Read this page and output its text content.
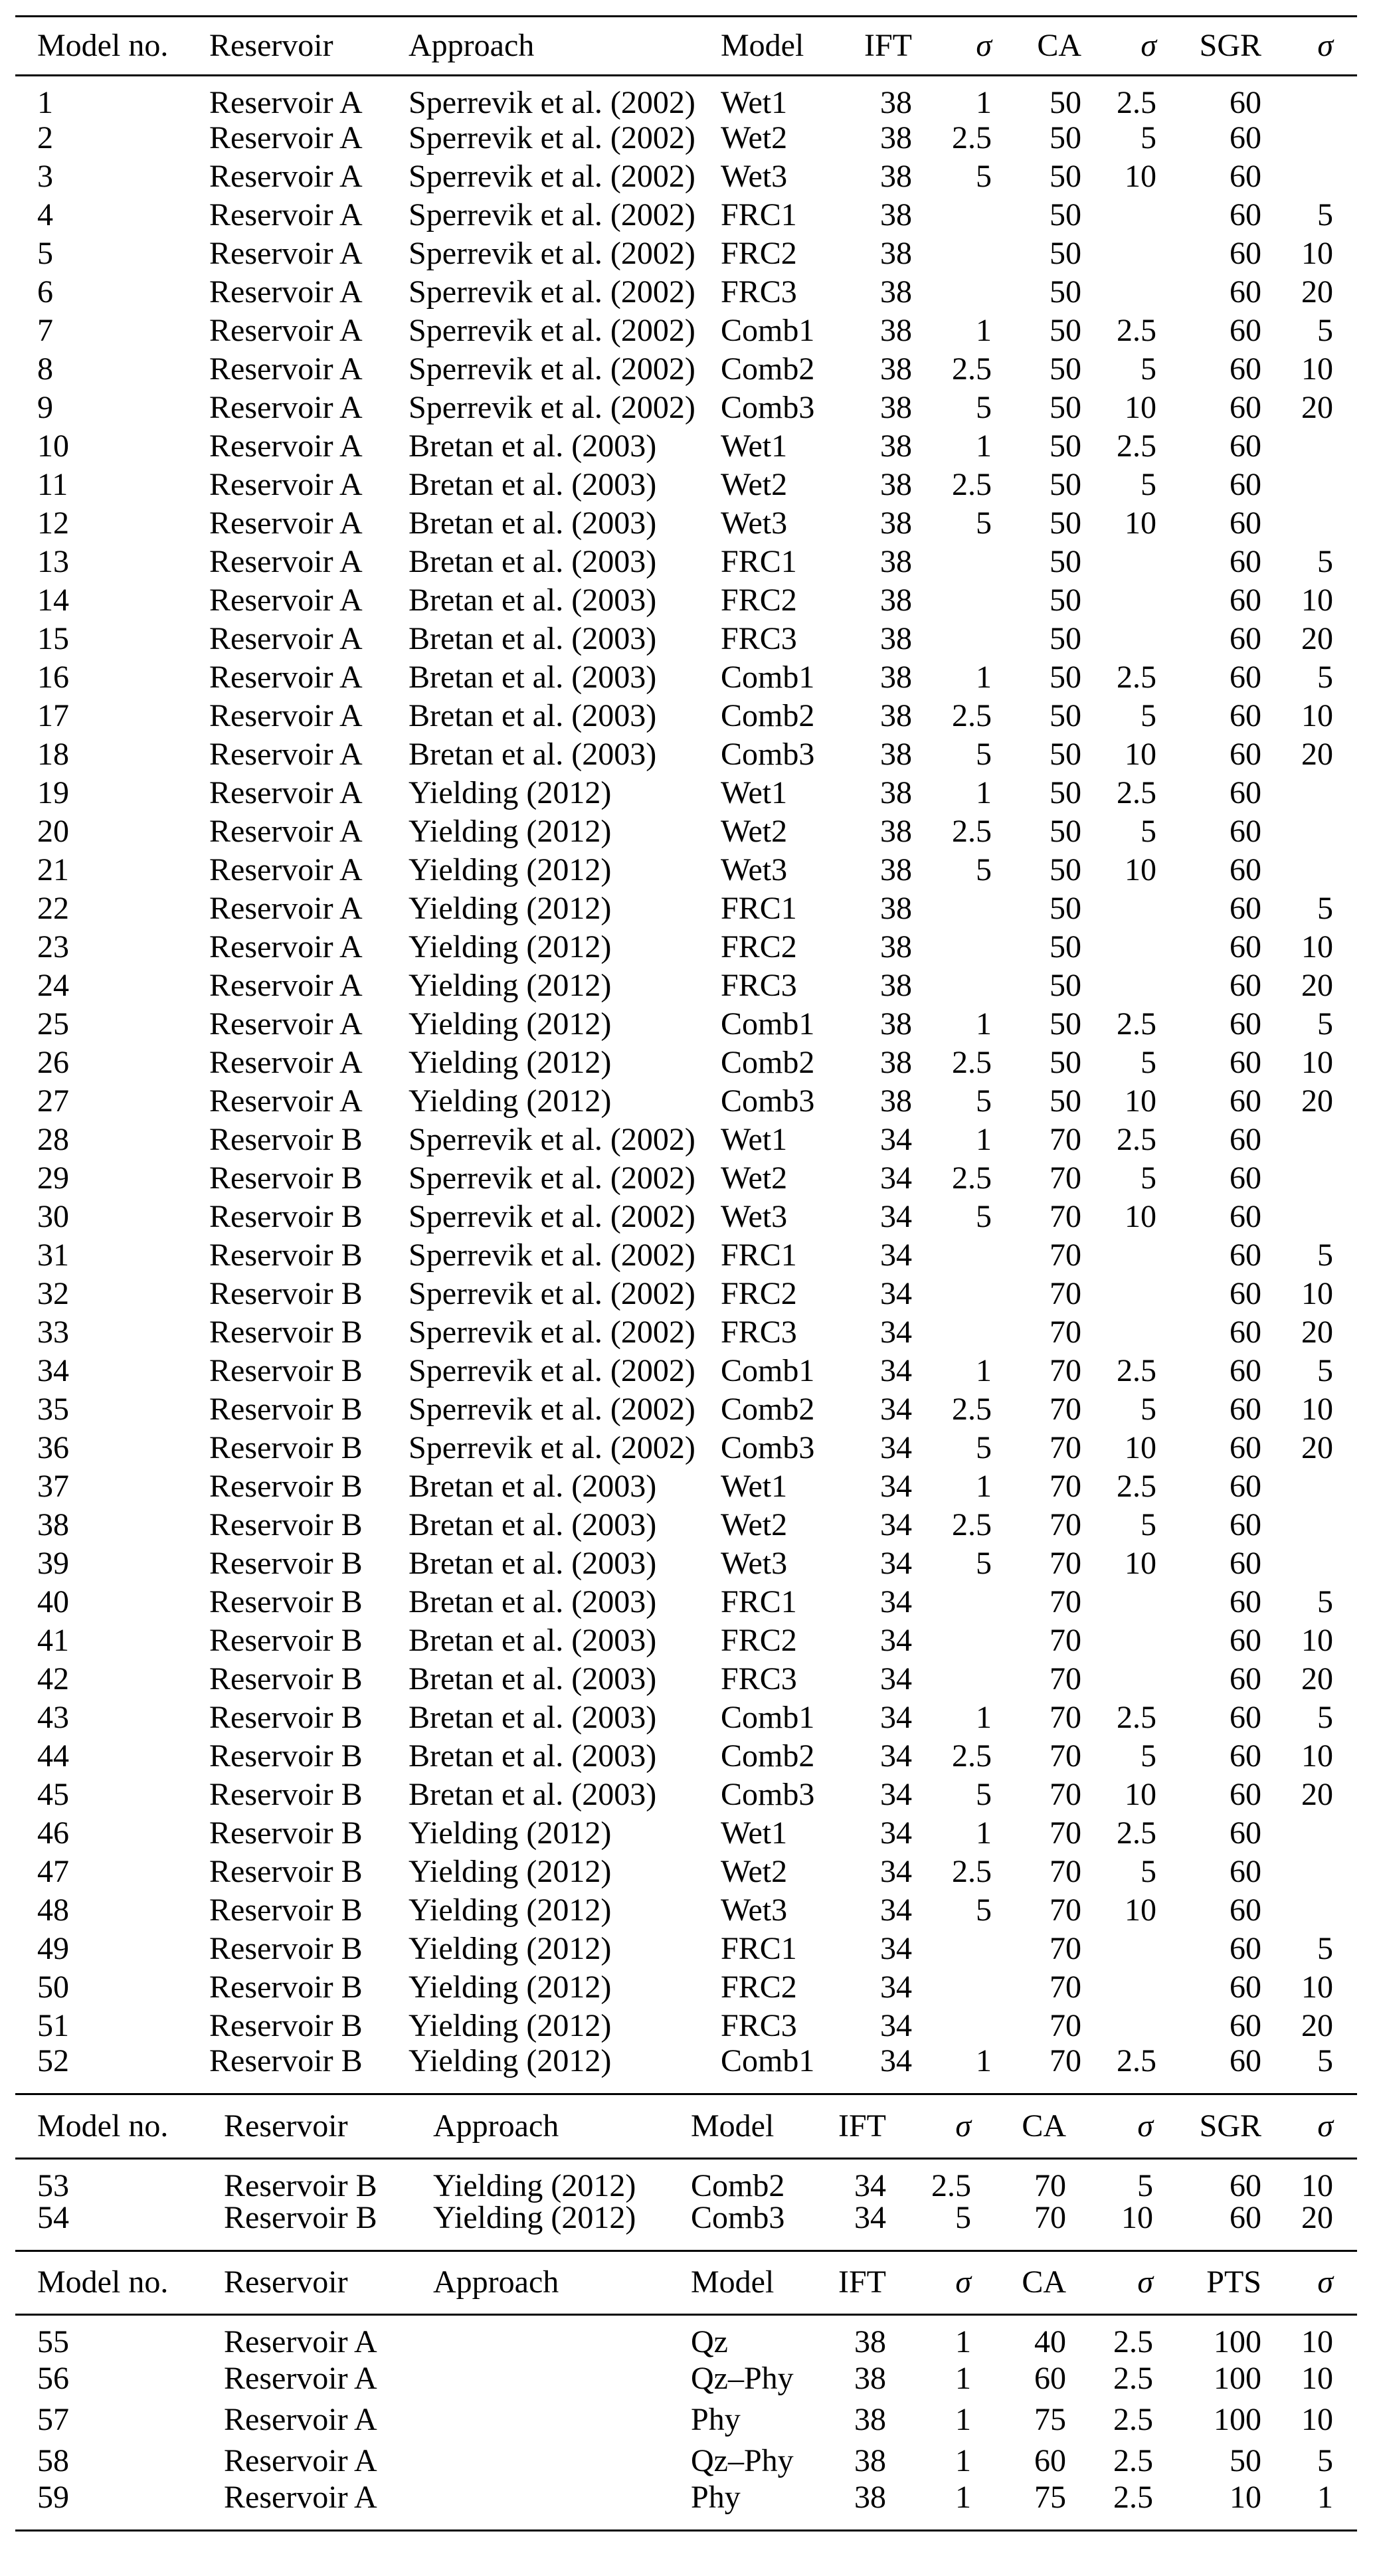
Model no.	Reservoir	Approach	Model	IFT	σ	CA	σ	SGR	σ
1	Reservoir A	Sperrevik et al. (2002)	Wet1	38	1	50	2.5	60	
2	Reservoir A	Sperrevik et al. (2002)	Wet2	38	2.5	50	5	60	
3	Reservoir A	Sperrevik et al. (2002)	Wet3	38	5	50	10	60	
4	Reservoir A	Sperrevik et al. (2002)	FRC1	38		50		60	5
5	Reservoir A	Sperrevik et al. (2002)	FRC2	38		50		60	10
6	Reservoir A	Sperrevik et al. (2002)	FRC3	38		50		60	20
7	Reservoir A	Sperrevik et al. (2002)	Comb1	38	1	50	2.5	60	5
8	Reservoir A	Sperrevik et al. (2002)	Comb2	38	2.5	50	5	60	10
9	Reservoir A	Sperrevik et al. (2002)	Comb3	38	5	50	10	60	20
10	Reservoir A	Bretan et al. (2003)	Wet1	38	1	50	2.5	60	
11	Reservoir A	Bretan et al. (2003)	Wet2	38	2.5	50	5	60	
12	Reservoir A	Bretan et al. (2003)	Wet3	38	5	50	10	60	
13	Reservoir A	Bretan et al. (2003)	FRC1	38		50		60	5
14	Reservoir A	Bretan et al. (2003)	FRC2	38		50		60	10
15	Reservoir A	Bretan et al. (2003)	FRC3	38		50		60	20
16	Reservoir A	Bretan et al. (2003)	Comb1	38	1	50	2.5	60	5
17	Reservoir A	Bretan et al. (2003)	Comb2	38	2.5	50	5	60	10
18	Reservoir A	Bretan et al. (2003)	Comb3	38	5	50	10	60	20
19	Reservoir A	Yielding (2012)	Wet1	38	1	50	2.5	60	
20	Reservoir A	Yielding (2012)	Wet2	38	2.5	50	5	60	
21	Reservoir A	Yielding (2012)	Wet3	38	5	50	10	60	
22	Reservoir A	Yielding (2012)	FRC1	38		50		60	5
23	Reservoir A	Yielding (2012)	FRC2	38		50		60	10
24	Reservoir A	Yielding (2012)	FRC3	38		50		60	20
25	Reservoir A	Yielding (2012)	Comb1	38	1	50	2.5	60	5
26	Reservoir A	Yielding (2012)	Comb2	38	2.5	50	5	60	10
27	Reservoir A	Yielding (2012)	Comb3	38	5	50	10	60	20
28	Reservoir B	Sperrevik et al. (2002)	Wet1	34	1	70	2.5	60	
29	Reservoir B	Sperrevik et al. (2002)	Wet2	34	2.5	70	5	60	
30	Reservoir B	Sperrevik et al. (2002)	Wet3	34	5	70	10	60	
31	Reservoir B	Sperrevik et al. (2002)	FRC1	34		70		60	5
32	Reservoir B	Sperrevik et al. (2002)	FRC2	34		70		60	10
33	Reservoir B	Sperrevik et al. (2002)	FRC3	34		70		60	20
34	Reservoir B	Sperrevik et al. (2002)	Comb1	34	1	70	2.5	60	5
35	Reservoir B	Sperrevik et al. (2002)	Comb2	34	2.5	70	5	60	10
36	Reservoir B	Sperrevik et al. (2002)	Comb3	34	5	70	10	60	20
37	Reservoir B	Bretan et al. (2003)	Wet1	34	1	70	2.5	60	
38	Reservoir B	Bretan et al. (2003)	Wet2	34	2.5	70	5	60	
39	Reservoir B	Bretan et al. (2003)	Wet3	34	5	70	10	60	
40	Reservoir B	Bretan et al. (2003)	FRC1	34		70		60	5
41	Reservoir B	Bretan et al. (2003)	FRC2	34		70		60	10
42	Reservoir B	Bretan et al. (2003)	FRC3	34		70		60	20
43	Reservoir B	Bretan et al. (2003)	Comb1	34	1	70	2.5	60	5
44	Reservoir B	Bretan et al. (2003)	Comb2	34	2.5	70	5	60	10
45	Reservoir B	Bretan et al. (2003)	Comb3	34	5	70	10	60	20
46	Reservoir B	Yielding (2012)	Wet1	34	1	70	2.5	60	
47	Reservoir B	Yielding (2012)	Wet2	34	2.5	70	5	60	
48	Reservoir B	Yielding (2012)	Wet3	34	5	70	10	60	
49	Reservoir B	Yielding (2012)	FRC1	34		70		60	5
50	Reservoir B	Yielding (2012)	FRC2	34		70		60	10
51	Reservoir B	Yielding (2012)	FRC3	34		70		60	20
52	Reservoir B	Yielding (2012)	Comb1	34	1	70	2.5	60	5
Model no.	Reservoir	Approach	Model	IFT	σ	CA	σ	SGR	σ
53	Reservoir B	Yielding (2012)	Comb2	34	2.5	70	5	60	10
54	Reservoir B	Yielding (2012)	Comb3	34	5	70	10	60	20
Model no.	Reservoir	Approach	Model	IFT	σ	CA	σ	PTS	σ
55	Reservoir A		Qz	38	1	40	2.5	100	10
56	Reservoir A		Qz–Phy	38	1	60	2.5	100	10
57	Reservoir A		Phy	38	1	75	2.5	100	10
58	Reservoir A		Qz–Phy	38	1	60	2.5	50	5
59	Reservoir A		Phy	38	1	75	2.5	10	1
